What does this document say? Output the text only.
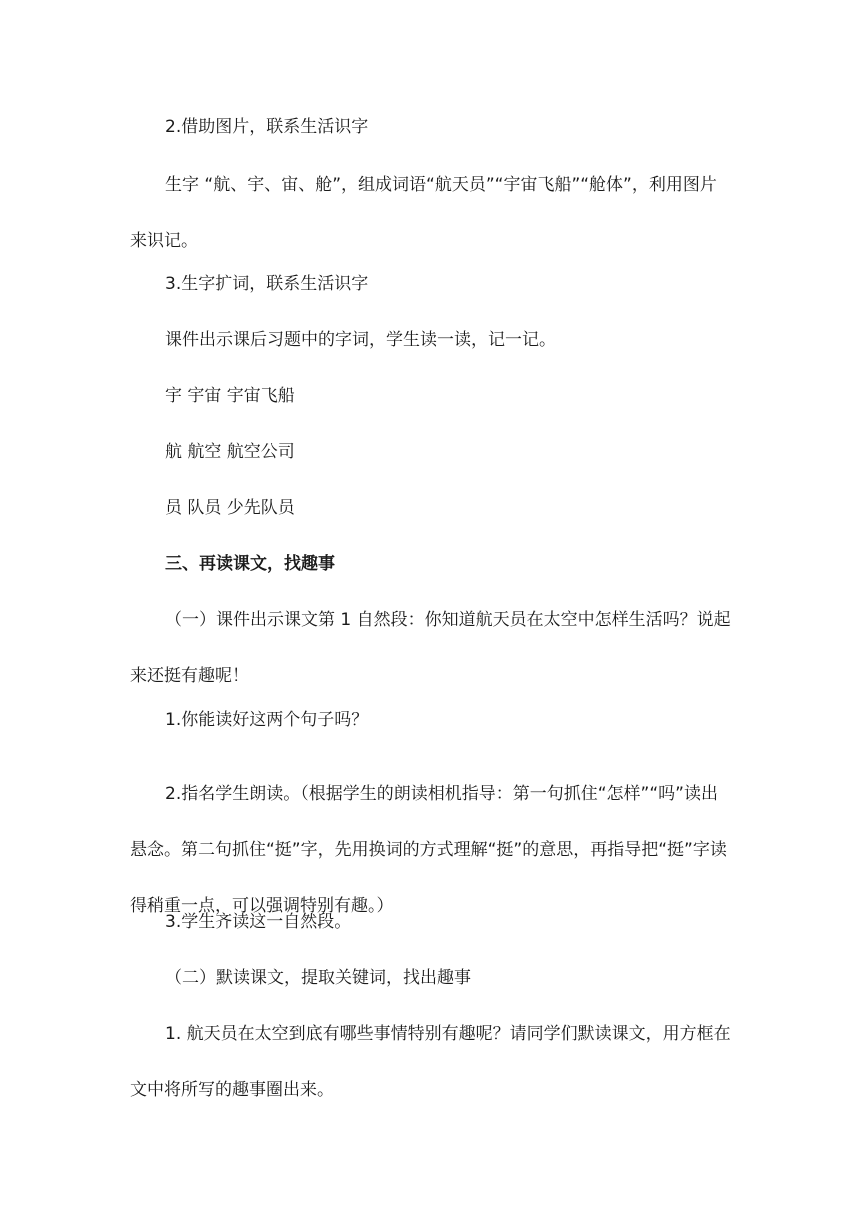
2.借助图片，联系生活识字

生字 “航、宇、宙、舱”，组成词语“航天员”“宇宙飞船”“舱体”，利用图片来识记。

3.生字扩词，联系生活识字

课件出示课后习题中的字词，学生读一读，记一记。

宇 宇宙 宇宙飞船

航 航空 航空公司

员 队员 少先队员

三、再读课文，找趣事

（一）课件出示课文第 1 自然段：你知道航天员在太空中怎样生活吗？说起来还挺有趣呢！

1.你能读好这两个句子吗？

2.指名学生朗读。（根据学生的朗读相机指导：第一句抓住“怎样”“吗”读出悬念。第二句抓住“挺”字，先用换词的方式理解“挺”的意思，再指导把“挺”字读得稍重一点，可以强调特别有趣。）

3.学生齐读这一自然段。

（二）默读课文，提取关键词，找出趣事

1. 航天员在太空到底有哪些事情特别有趣呢？请同学们默读课文，用方框在文中将所写的趣事圈出来。
